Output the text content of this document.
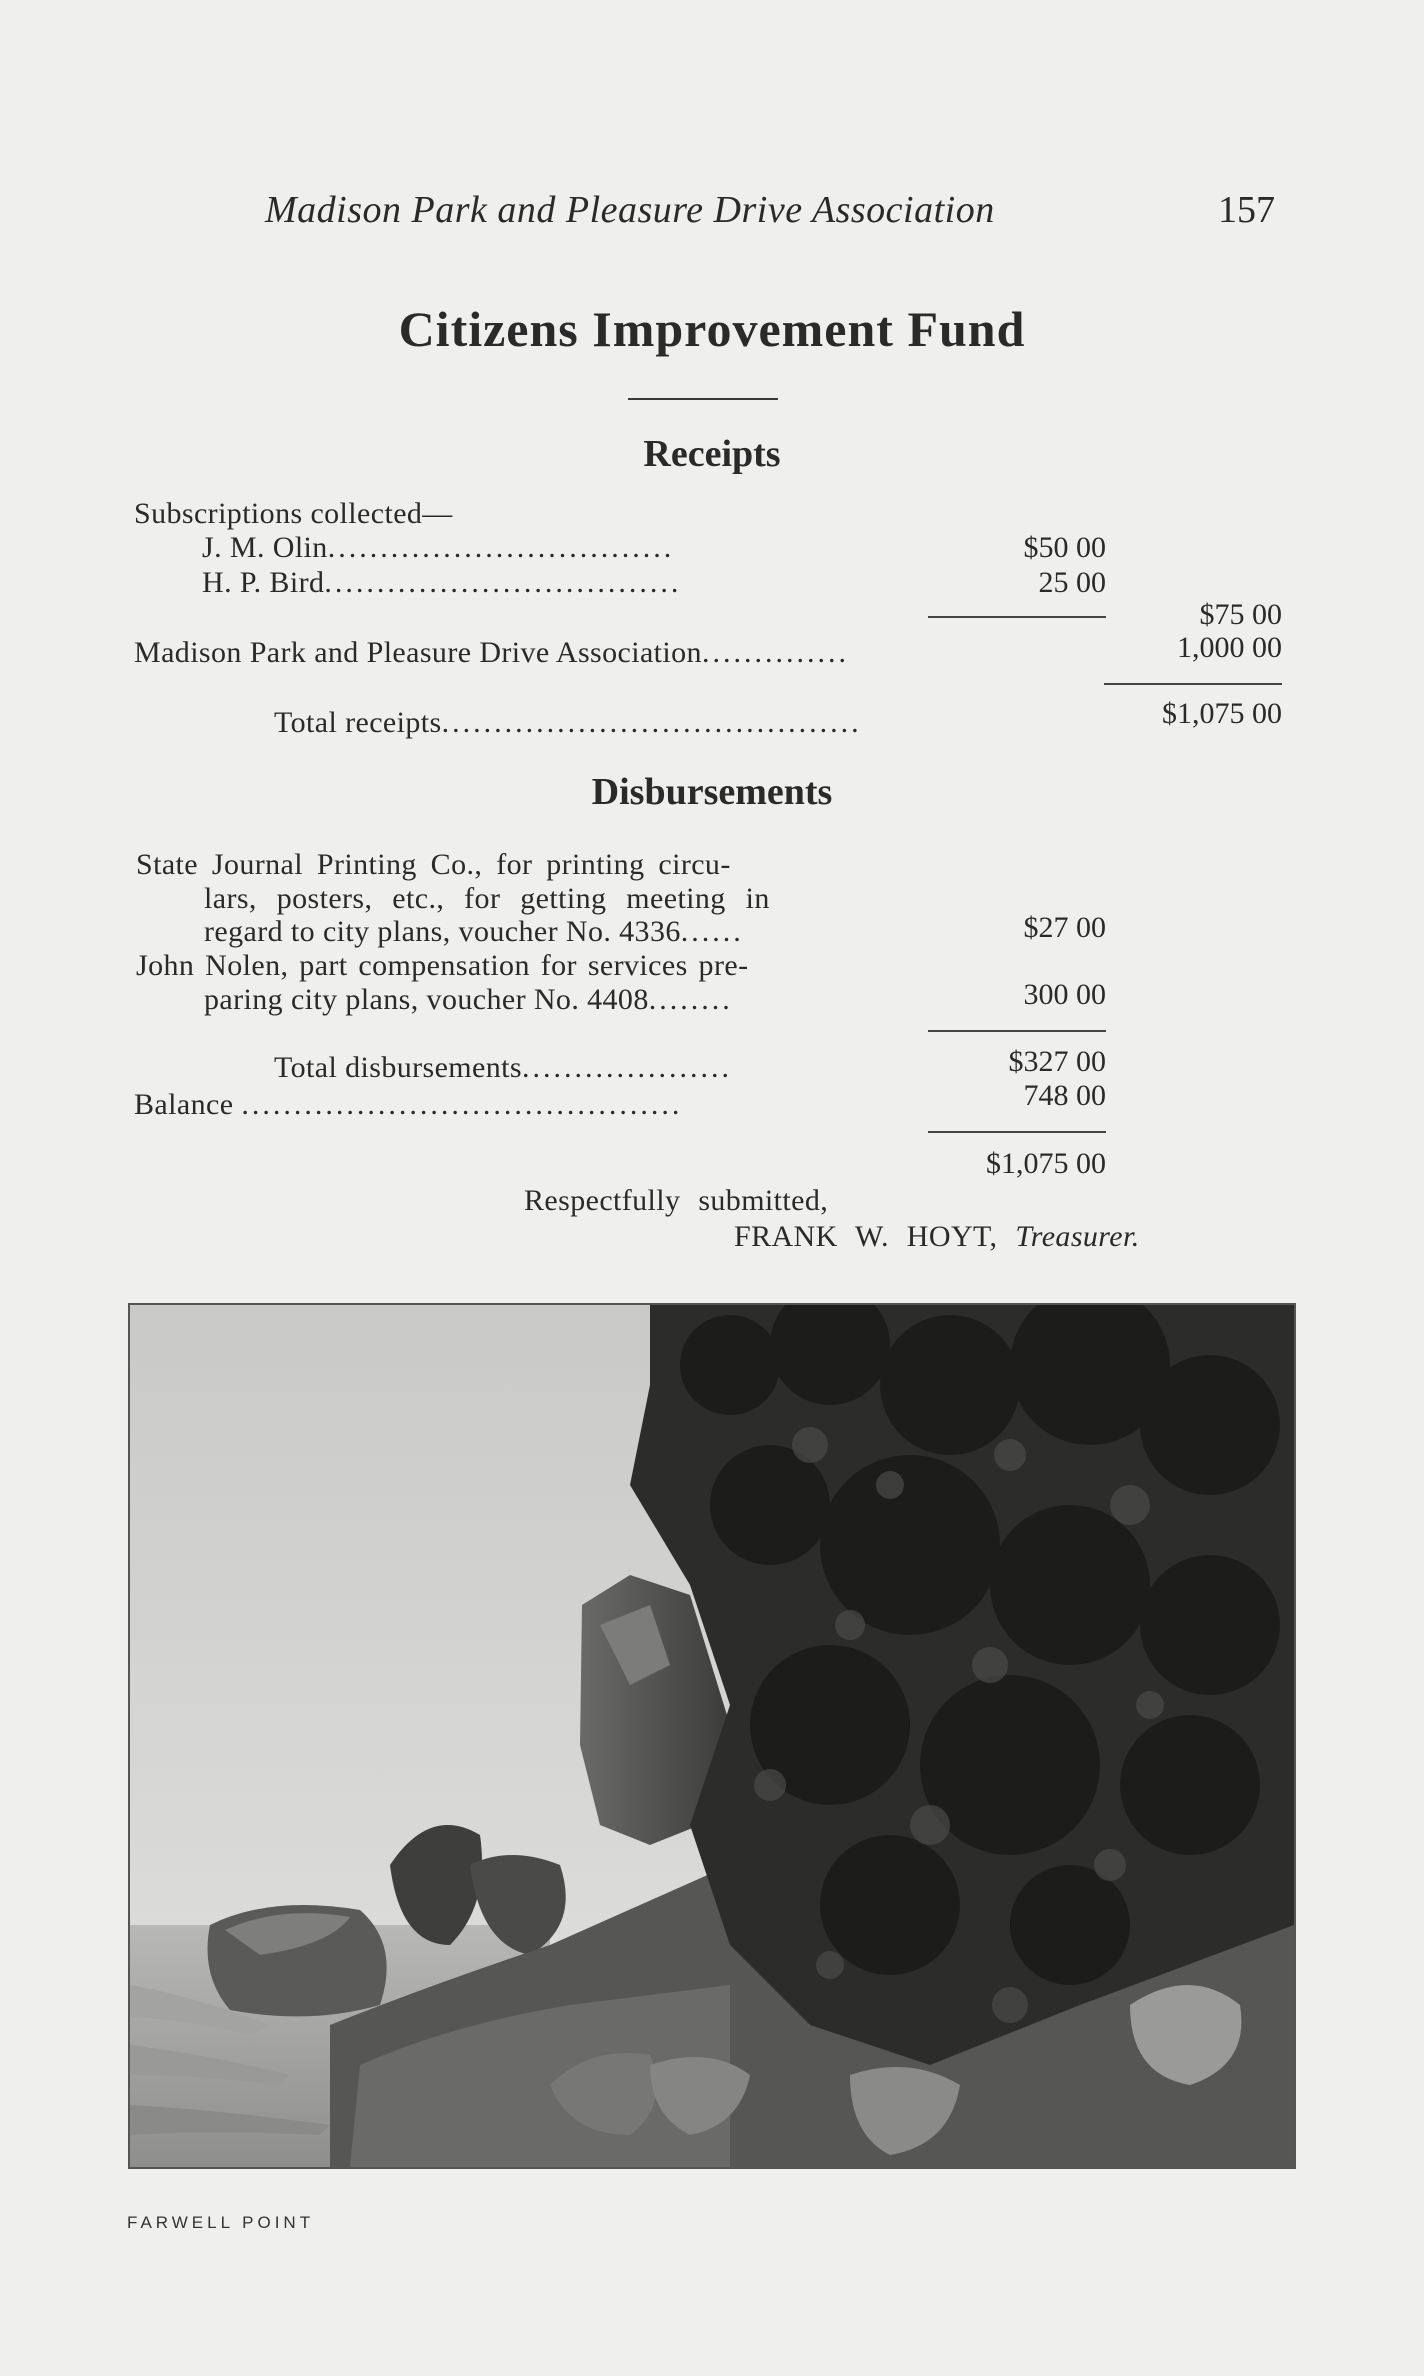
Madison Park and Pleasure Drive Association	157
Citizens Improvement Fund
Receipts
Subscriptions collected—
J. M. Olin.................................	$50 00
H. P. Bird..................................	25 00
$75 00
Madison Park and Pleasure Drive Association..............	1,000 00
Total receipts........................................	$1,075 00
Disbursements
State Journal Printing Co., for printing circu-
lars, posters, etc., for getting meeting in
regard to city plans, voucher No. 4336......	$27 00
John Nolen, part compensation for services pre-
paring city plans, voucher No. 4408........	300 00
Total disbursements....................	$327 00
Balance ..........................................	748 00
$1,075 00
Respectfully submitted,
FRANK W. HOYT, Treasurer.
FARWELL POINT
